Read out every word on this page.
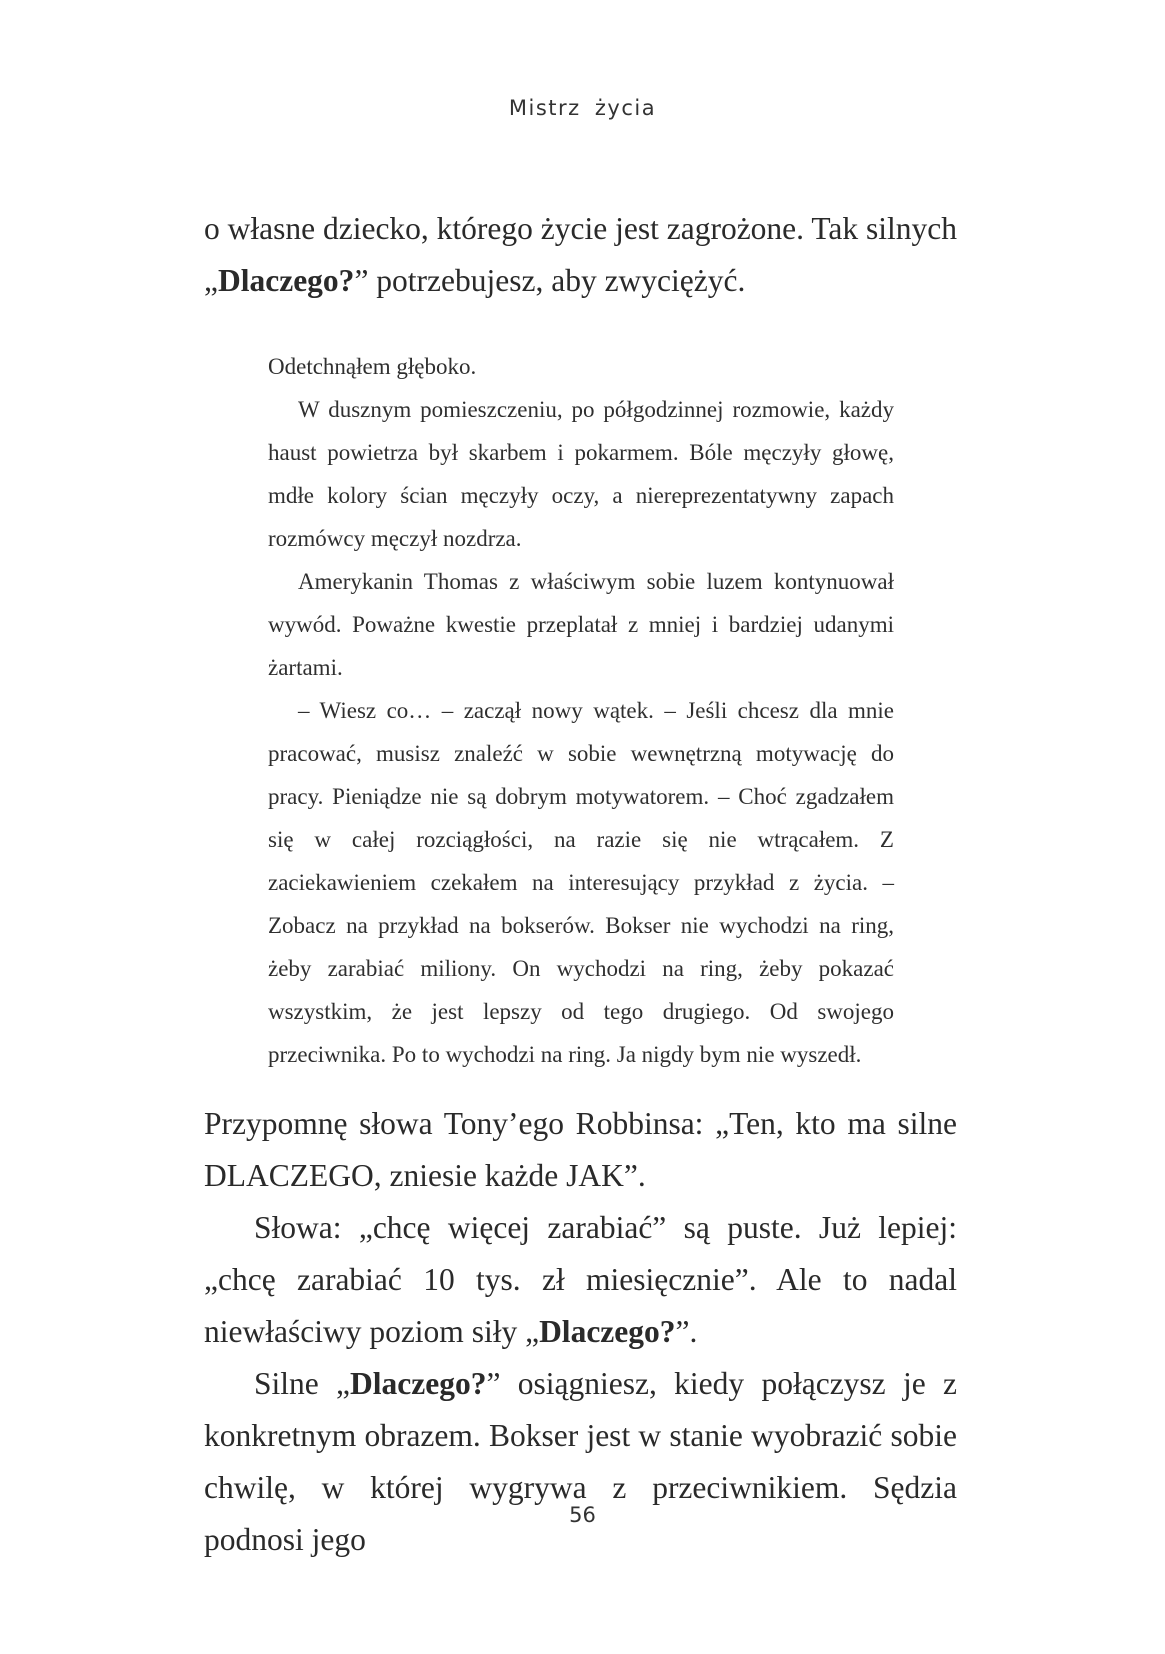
Mistrz życia

o własne dziecko, którego życie jest zagrożone. Tak silnych „Dlaczego?” potrzebujesz, aby zwyciężyć.

Odetchnąłem głęboko.

W dusznym pomieszczeniu, po półgodzinnej rozmowie, każdy haust powietrza był skarbem i pokarmem. Bóle męczyły głowę, mdłe kolory ścian męczyły oczy, a niereprezentatywny zapach rozmówcy męczył nozdrza.

Amerykanin Thomas z właściwym sobie luzem kontynuował wywód. Poważne kwestie przeplatał z mniej i bardziej udanymi żartami.

– Wiesz co… – zaczął nowy wątek. – Jeśli chcesz dla mnie pracować, musisz znaleźć w sobie wewnętrzną motywację do pracy. Pieniądze nie są dobrym motywatorem. – Choć zgadzałem się w całej rozciągłości, na razie się nie wtrącałem. Z zaciekawieniem czekałem na interesujący przykład z życia. – Zobacz na przykład na bokserów. Bokser nie wychodzi na ring, żeby zarabiać miliony. On wychodzi na ring, żeby pokazać wszystkim, że jest lepszy od tego drugiego. Od swojego przeciwnika. Po to wychodzi na ring. Ja nigdy bym nie wyszedł.

Przypomnę słowa Tony’ego Robbinsa: „Ten, kto ma silne DLACZEGO, zniesie każde JAK”.

Słowa: „chcę więcej zarabiać” są puste. Już lepiej: „chcę zarabiać 10 tys. zł miesięcznie”. Ale to nadal niewłaściwy poziom siły „Dlaczego?”.

Silne „Dlaczego?” osiągniesz, kiedy połączysz je z konkretnym obrazem. Bokser jest w stanie wyobrazić sobie chwilę, w której wygrywa z przeciwnikiem. Sędzia podnosi jego

56
